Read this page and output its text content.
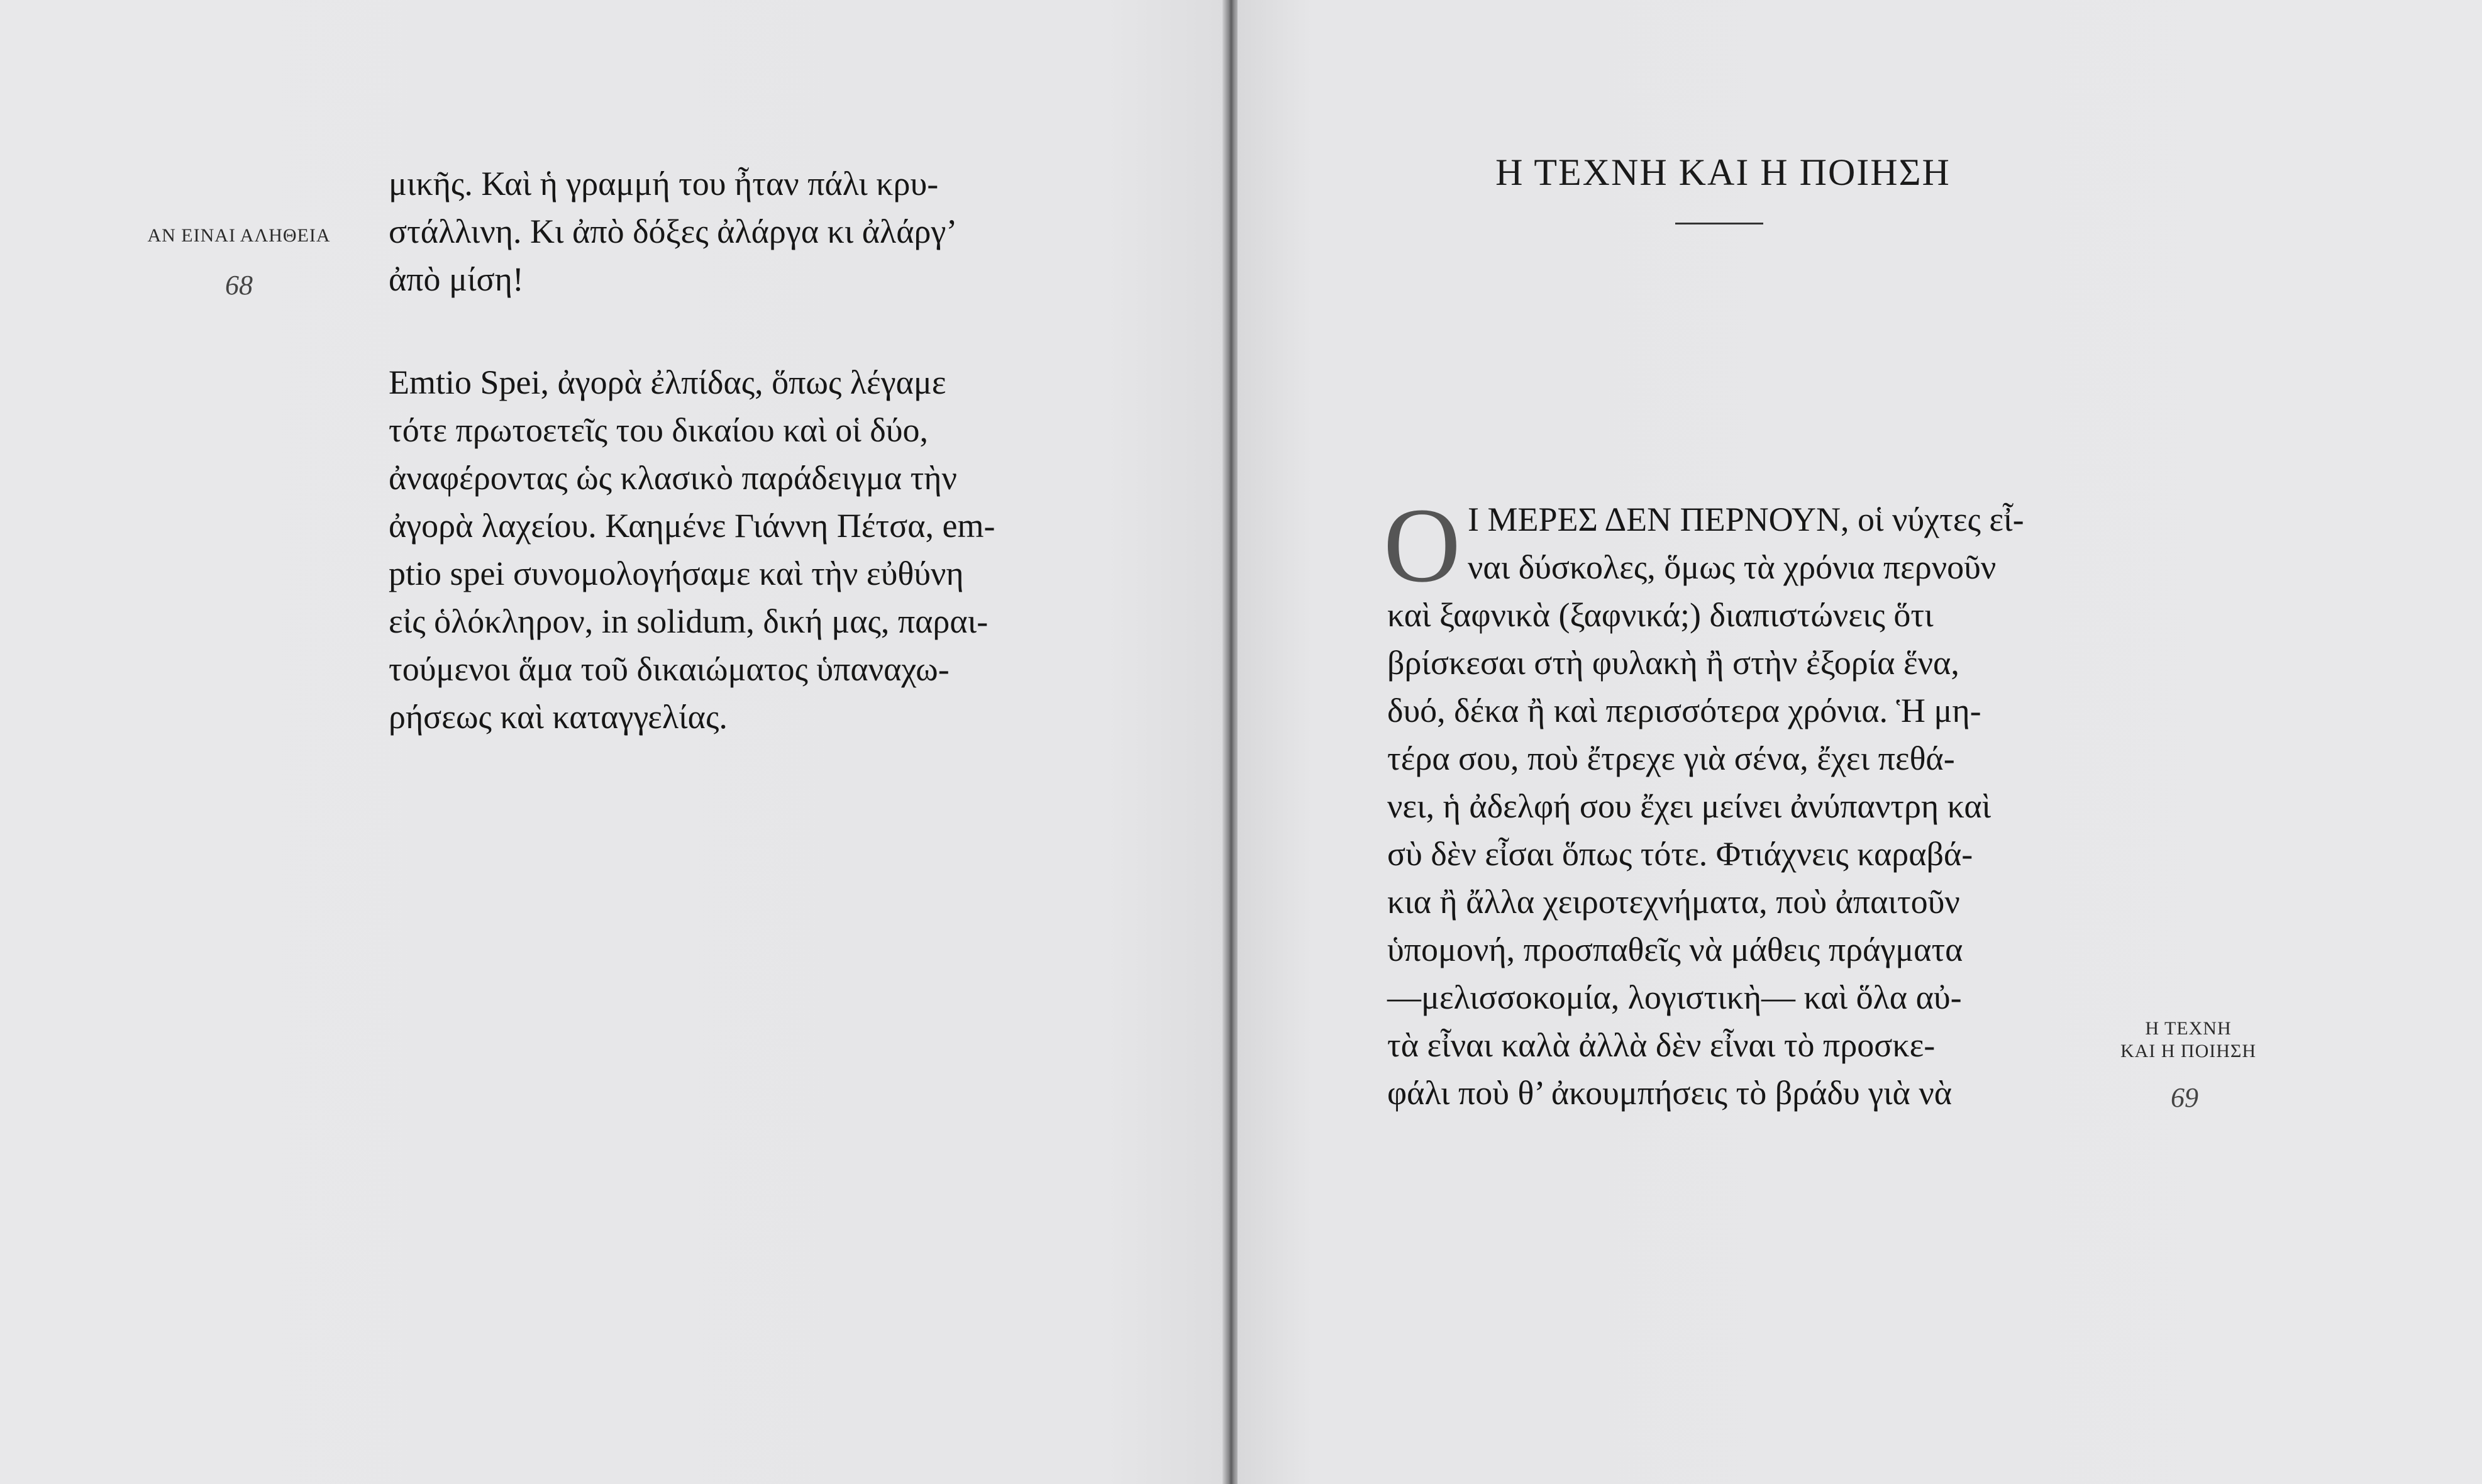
ΑΝ ΕΙΝΑΙ ΑΛΗΘΕΙΑ
68
μικῆς. Καὶ ἡ γραμμή του ἦταν πάλι κρυ-
στάλλινη. Κι ἀπὸ δόξες ἀλάργα κι ἀλάργ’
ἀπὸ μίση!
Emtio Spei, ἀγορὰ ἐλπίδας, ὅπως λέγαμε
τότε πρωτοετεῖς του δικαίου καὶ οἱ δύο,
ἀναφέροντας ὡς κλασικὸ παράδειγμα τὴν
ἀγορὰ λαχείου. Καημένε Γιάννη Πέτσα, em-
ptio spei συνομολογήσαμε καὶ τὴν εὐθύνη
εἰς ὁλόκληρον, in solidum, δική μας, παραι-
τούμενοι ἅμα τοῦ δικαιώματος ὑπαναχω-
ρήσεως καὶ καταγγελίας.
Η ΤΕΧΝΗ ΚΑΙ Η ΠΟΙΗΣΗ
Ο Ι ΜΕΡΕΣ ΔΕΝ ΠΕΡΝΟΥΝ, οἱ νύχτες εἶ-
ναι δύσκολες, ὅμως τὰ χρόνια περνοῦν
καὶ ξαφνικὰ (ξαφνικά;) διαπιστώνεις ὅτι
βρίσκεσαι στὴ φυλακὴ ἢ στὴν ἐξορία ἕνα,
δυό, δέκα ἢ καὶ περισσότερα χρόνια. Ἡ μη-
τέρα σου, ποὺ ἔτρεχε γιὰ σένα, ἔχει πεθά-
νει, ἡ ἀδελφή σου ἔχει μείνει ἀνύπαντρη καὶ
σὺ δὲν εἶσαι ὅπως τότε. Φτιάχνεις καραβά-
κια ἢ ἄλλα χειροτεχνήματα, ποὺ ἀπαιτοῦν
ὑπομονή, προσπαθεῖς νὰ μάθεις πράγματα
—μελισσοκομία, λογιστικὴ— καὶ ὅλα αὐ-
τὰ εἶναι καλὰ ἀλλὰ δὲν εἶναι τὸ προσκε-
φάλι ποὺ θ’ ἀκουμπήσεις τὸ βράδυ γιὰ νὰ
Η ΤΕΧΝΗ
ΚΑΙ Η ΠΟΙΗΣΗ
69
